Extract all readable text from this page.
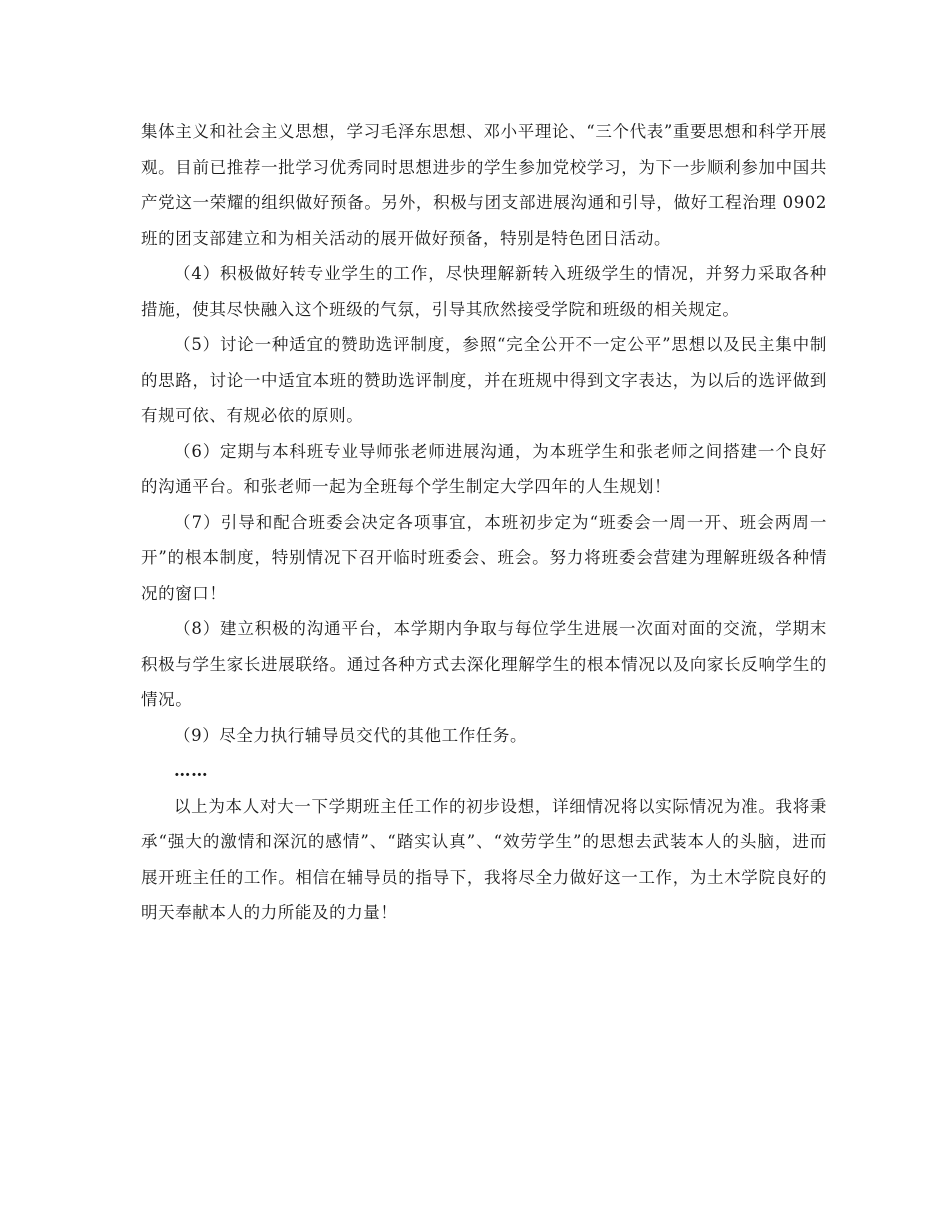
集体主义和社会主义思想，学习毛泽东思想、邓小平理论、“三个代表”重要思想和科学开展观。目前已推荐一批学习优秀同时思想进步的学生参加党校学习，为下一步顺利参加中国共产党这一荣耀的组织做好预备。另外，积极与团支部进展沟通和引导，做好工程治理 0902 班的团支部建立和为相关活动的展开做好预备，特别是特色团日活动。

（4）积极做好转专业学生的工作，尽快理解新转入班级学生的情况，并努力采取各种措施，使其尽快融入这个班级的气氛，引导其欣然接受学院和班级的相关规定。

（5）讨论一种适宜的赞助选评制度，参照“完全公开不一定公平”思想以及民主集中制的思路，讨论一中适宜本班的赞助选评制度，并在班规中得到文字表达，为以后的选评做到有规可依、有规必依的原则。

（6）定期与本科班专业导师张老师进展沟通，为本班学生和张老师之间搭建一个良好的沟通平台。和张老师一起为全班每个学生制定大学四年的人生规划！

（7）引导和配合班委会决定各项事宜，本班初步定为“班委会一周一开、班会两周一开”的根本制度，特别情况下召开临时班委会、班会。努力将班委会营建为理解班级各种情况的窗口！

（8）建立积极的沟通平台，本学期内争取与每位学生进展一次面对面的交流，学期末积极与学生家长进展联络。通过各种方式去深化理解学生的根本情况以及向家长反响学生的情况。

（9）尽全力执行辅导员交代的其他工作任务。

……

以上为本人对大一下学期班主任工作的初步设想，详细情况将以实际情况为准。我将秉承“强大的激情和深沉的感情”、“踏实认真”、“效劳学生”的思想去武装本人的头脑，进而展开班主任的工作。相信在辅导员的指导下，我将尽全力做好这一工作，为土木学院良好的明天奉献本人的力所能及的力量！
